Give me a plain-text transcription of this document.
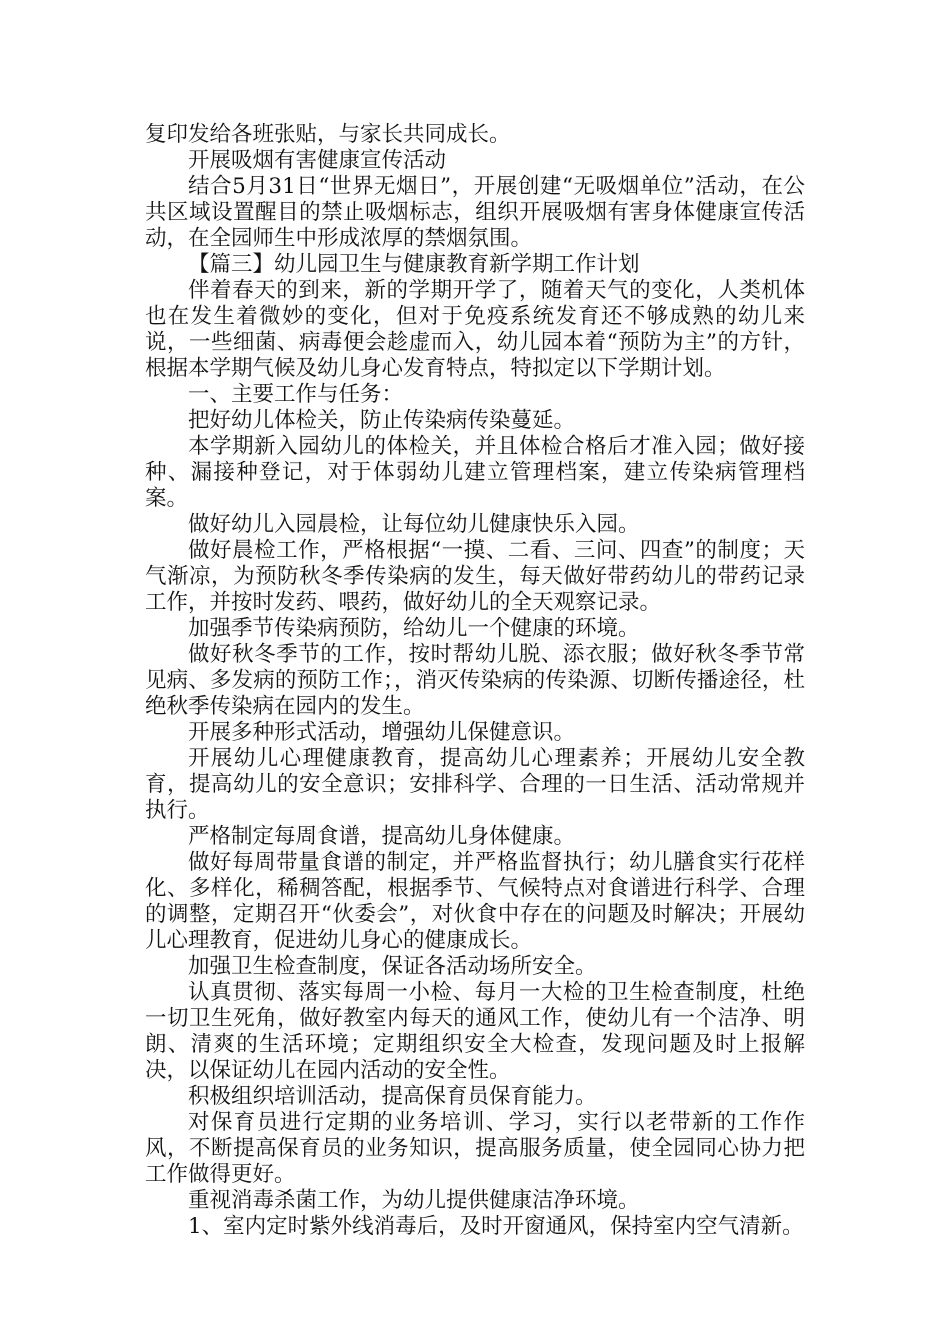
复印发给各班张贴，与家长共同成长。

开展吸烟有害健康宣传活动

结合5月31日“世界无烟日”，开展创建“无吸烟单位”活动，在公共区域设置醒目的禁止吸烟标志，组织开展吸烟有害身体健康宣传活动，在全园师生中形成浓厚的禁烟氛围。

【篇三】幼儿园卫生与健康教育新学期工作计划

伴着春天的到来，新的学期开学了，随着天气的变化，人类机体也在发生着微妙的变化，但对于免疫系统发育还不够成熟的幼儿来说，一些细菌、病毒便会趁虚而入，幼儿园本着“预防为主”的方针，根据本学期气候及幼儿身心发育特点，特拟定以下学期计划。

一、主要工作与任务：

把好幼儿体检关，防止传染病传染蔓延。

本学期新入园幼儿的体检关，并且体检合格后才准入园；做好接种、漏接种登记，对于体弱幼儿建立管理档案，建立传染病管理档案。

做好幼儿入园晨检，让每位幼儿健康快乐入园。

做好晨检工作，严格根据“一摸、二看、三问、四查”的制度；天气渐凉，为预防秋冬季传染病的发生，每天做好带药幼儿的带药记录工作，并按时发药、喂药，做好幼儿的全天观察记录。

加强季节传染病预防，给幼儿一个健康的环境。

做好秋冬季节的工作，按时帮幼儿脱、添衣服；做好秋冬季节常见病、多发病的预防工作；，消灭传染病的传染源、切断传播途径，杜绝秋季传染病在园内的发生。

开展多种形式活动，增强幼儿保健意识。

开展幼儿心理健康教育，提高幼儿心理素养；开展幼儿安全教育，提高幼儿的安全意识；安排科学、合理的一日生活、活动常规并执行。

严格制定每周食谱，提高幼儿身体健康。

做好每周带量食谱的制定，并严格监督执行；幼儿膳食实行花样化、多样化，稀稠答配，根据季节、气候特点对食谱进行科学、合理的调整，定期召开“伙委会”，对伙食中存在的问题及时解决；开展幼儿心理教育，促进幼儿身心的健康成长。

加强卫生检查制度，保证各活动场所安全。

认真贯彻、落实每周一小检、每月一大检的卫生检查制度，杜绝一切卫生死角，做好教室内每天的通风工作，使幼儿有一个洁净、明朗、清爽的生活环境；定期组织安全大检查，发现问题及时上报解决，以保证幼儿在园内活动的安全性。

积极组织培训活动，提高保育员保育能力。

对保育员进行定期的业务培训、学习，实行以老带新的工作作风，不断提高保育员的业务知识，提高服务质量，使全园同心协力把工作做得更好。

重视消毒杀菌工作，为幼儿提供健康洁净环境。

1、室内定时紫外线消毒后，及时开窗通风，保持室内空气清新。
